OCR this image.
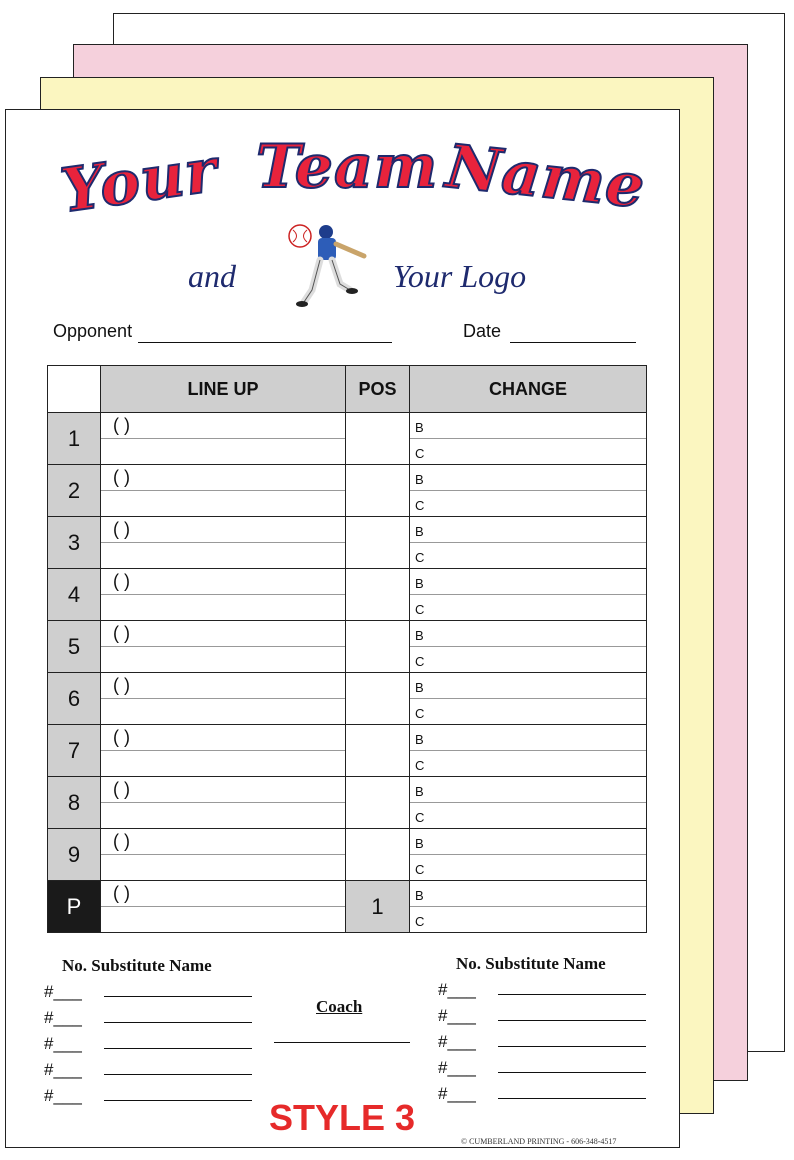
Your Team Name
and	Your Logo
Opponent	Date
	LINE UP	POS	CHANGE
1	( )		B
C

2	( )		B
C

3	( )		B
C

4	( )		B
C

5	( )		B
C

6	( )		B
C

7	( )		B
C

8	( )		B
C

9	( )		B
C

P	( )	1	B
C
No. Substitute Name
#___
#___
#___
#___
#___
Coach
No. Substitute Name
#___
#___
#___
#___
#___
STYLE 3
© CUMBERLAND PRINTING - 606-348-4517
